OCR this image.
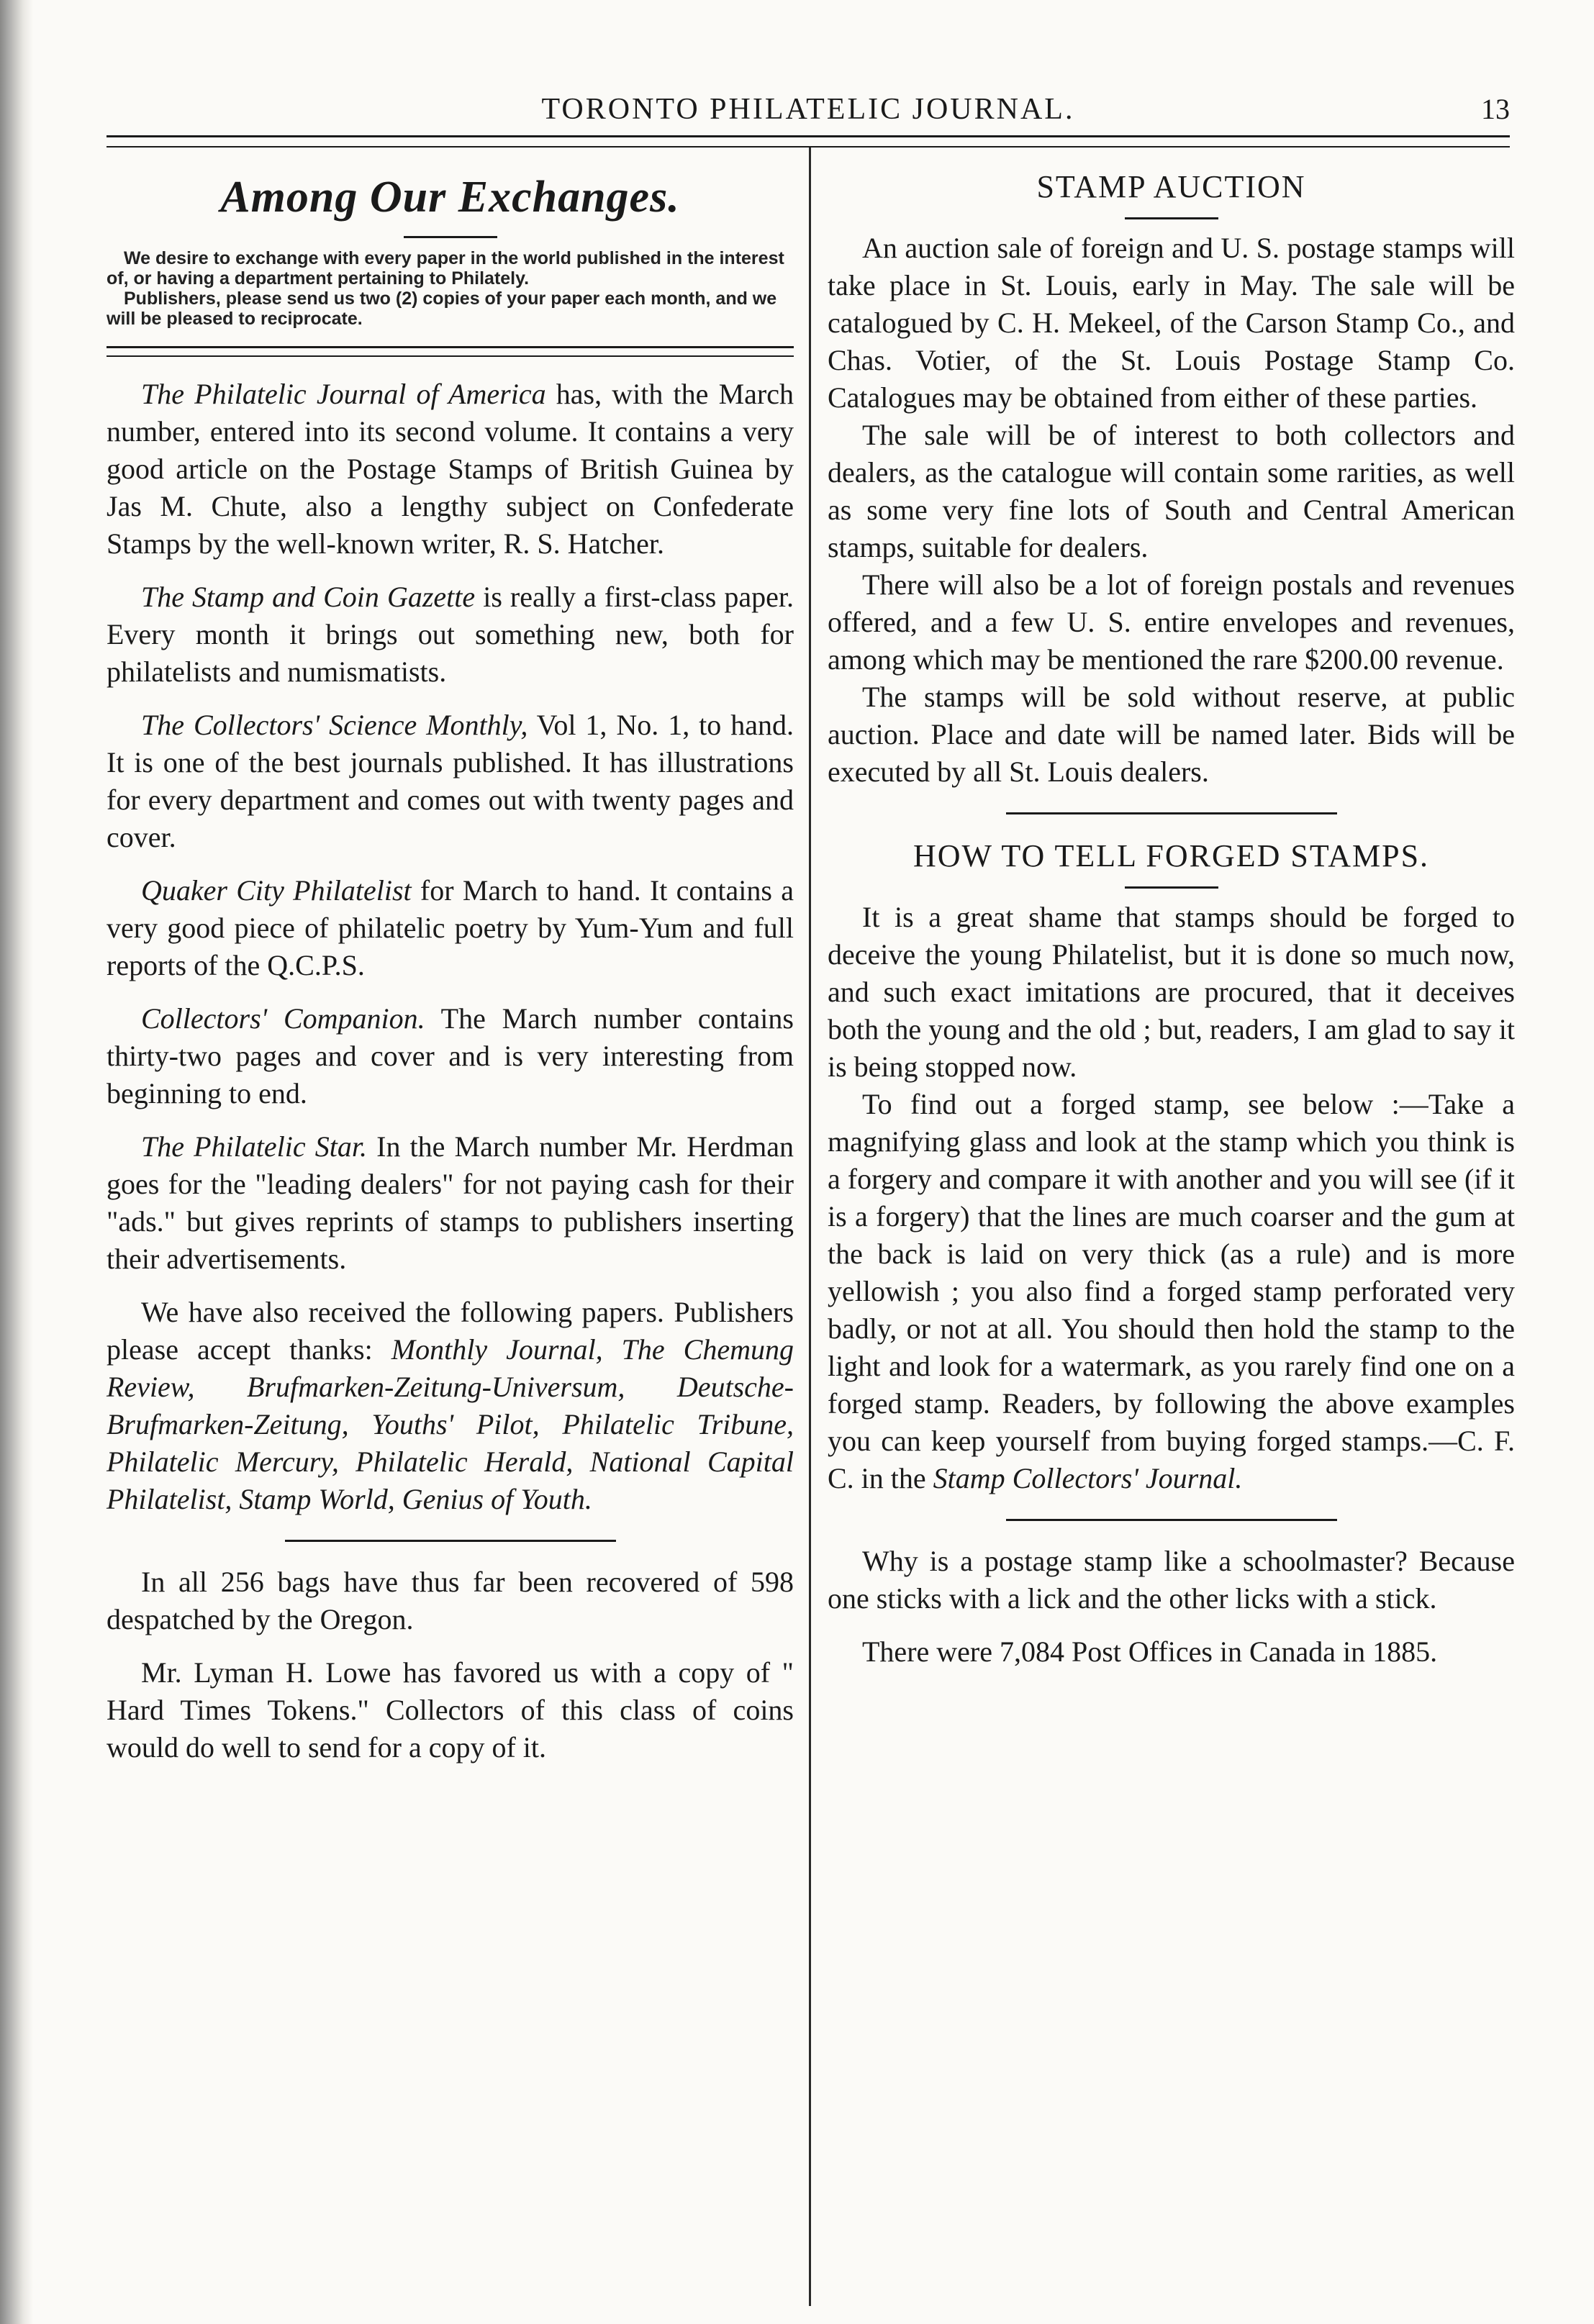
TORONTO PHILATELIC JOURNAL.	13
Among Our Exchanges.
We desire to exchange with every paper in the world published in the interest of, or having a department pertaining to Philately.
Publishers, please send us two (2) copies of your paper each month, and we will be pleased to reciprocate.

The Philatelic Journal of America has, with the March number, entered into its second volume. It contains a very good article on the Postage Stamps of British Guinea by Jas M. Chute, also a lengthy subject on Confederate Stamps by the well-known writer, R. S. Hatcher.

The Stamp and Coin Gazette is really a first-class paper. Every month it brings out something new, both for philatelists and numismatists.

The Collectors' Science Monthly, Vol 1, No. 1, to hand. It is one of the best journals published. It has illustrations for every department and comes out with twenty pages and cover.

Quaker City Philatelist for March to hand. It contains a very good piece of philatelic poetry by Yum-Yum and full reports of the Q.C.P.S.

Collectors' Companion. The March number contains thirty-two pages and cover and is very interesting from beginning to end.

The Philatelic Star. In the March number Mr. Herdman goes for the "leading dealers" for not paying cash for their "ads." but gives reprints of stamps to publishers inserting their advertisements.

We have also received the following papers. Publishers please accept thanks: Monthly Journal, The Chemung Review, Brufmarken-Zeitung-Universum, Deutsche-Brufmarken-Zeitung, Youths' Pilot, Philatelic Tribune, Philatelic Mercury, Philatelic Herald, National Capital Philatelist, Stamp World, Genius of Youth.

In all 256 bags have thus far been recovered of 598 despatched by the Oregon.

Mr. Lyman H. Lowe has favored us with a copy of " Hard Times Tokens." Collectors of this class of coins would do well to send for a copy of it.

STAMP AUCTION

An auction sale of foreign and U. S. postage stamps will take place in St. Louis, early in May. The sale will be catalogued by C. H. Mekeel, of the Carson Stamp Co., and Chas. Votier, of the St. Louis Postage Stamp Co. Catalogues may be obtained from either of these parties.

The sale will be of interest to both collectors and dealers, as the catalogue will contain some rarities, as well as some very fine lots of South and Central American stamps, suitable for dealers.

There will also be a lot of foreign postals and revenues offered, and a few U. S. entire envelopes and revenues, among which may be mentioned the rare $200.00 revenue.

The stamps will be sold without reserve, at public auction. Place and date will be named later. Bids will be executed by all St. Louis dealers.

HOW TO TELL FORGED STAMPS.

It is a great shame that stamps should be forged to deceive the young Philatelist, but it is done so much now, and such exact imitations are procured, that it deceives both the young and the old ; but, readers, I am glad to say it is being stopped now.

To find out a forged stamp, see below :—Take a magnifying glass and look at the stamp which you think is a forgery and compare it with another and you will see (if it is a forgery) that the lines are much coarser and the gum at the back is laid on very thick (as a rule) and is more yellowish ; you also find a forged stamp perforated very badly, or not at all. You should then hold the stamp to the light and look for a watermark, as you rarely find one on a forged stamp. Readers, by following the above examples you can keep yourself from buying forged stamps.—C. F. C. in the Stamp Collectors' Journal.

Why is a postage stamp like a schoolmaster? Because one sticks with a lick and the other licks with a stick.

There were 7,084 Post Offices in Canada in 1885.
